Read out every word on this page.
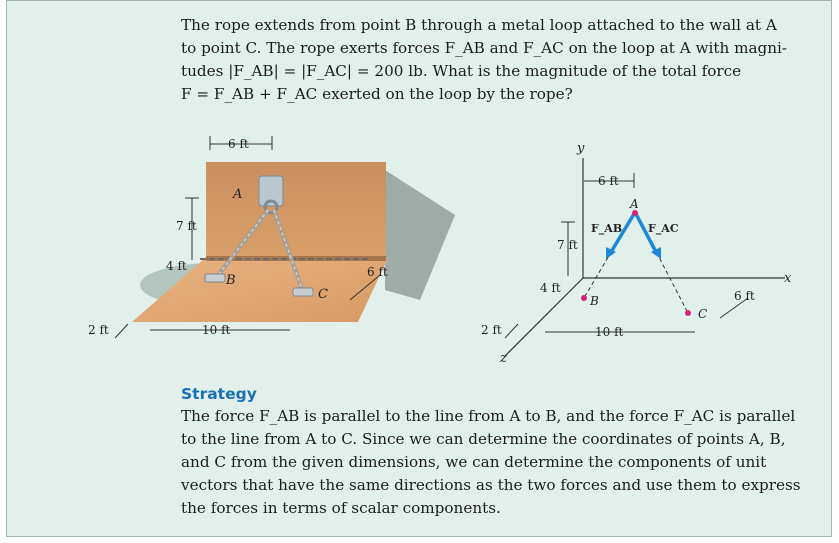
The rope extends from point B through a metal loop attached to the wall at A
to point C. The rope exerts forces F_AB and F_AC on the loop at A with magni-
tudes |F_AB| = |F_AC| = 200 lb. What is the magnitude of the total force
F = F_AB + F_AC exerted on the loop by the rope?
6 ft
7 ft
4 ft	6 ft
2 ft	10 ft
A
B
C
y
x
z
A
B
C
F_AB F_AC
6 ft
7 ft
4 ft
6 ft
10 ft
2 ft
Strategy
The force F_AB is parallel to the line from A to B, and the force F_AC is parallel
to the line from A to C. Since we can determine the coordinates of points A, B,
and C from the given dimensions, we can determine the components of unit
vectors that have the same directions as the two forces and use them to express
the forces in terms of scalar components.
